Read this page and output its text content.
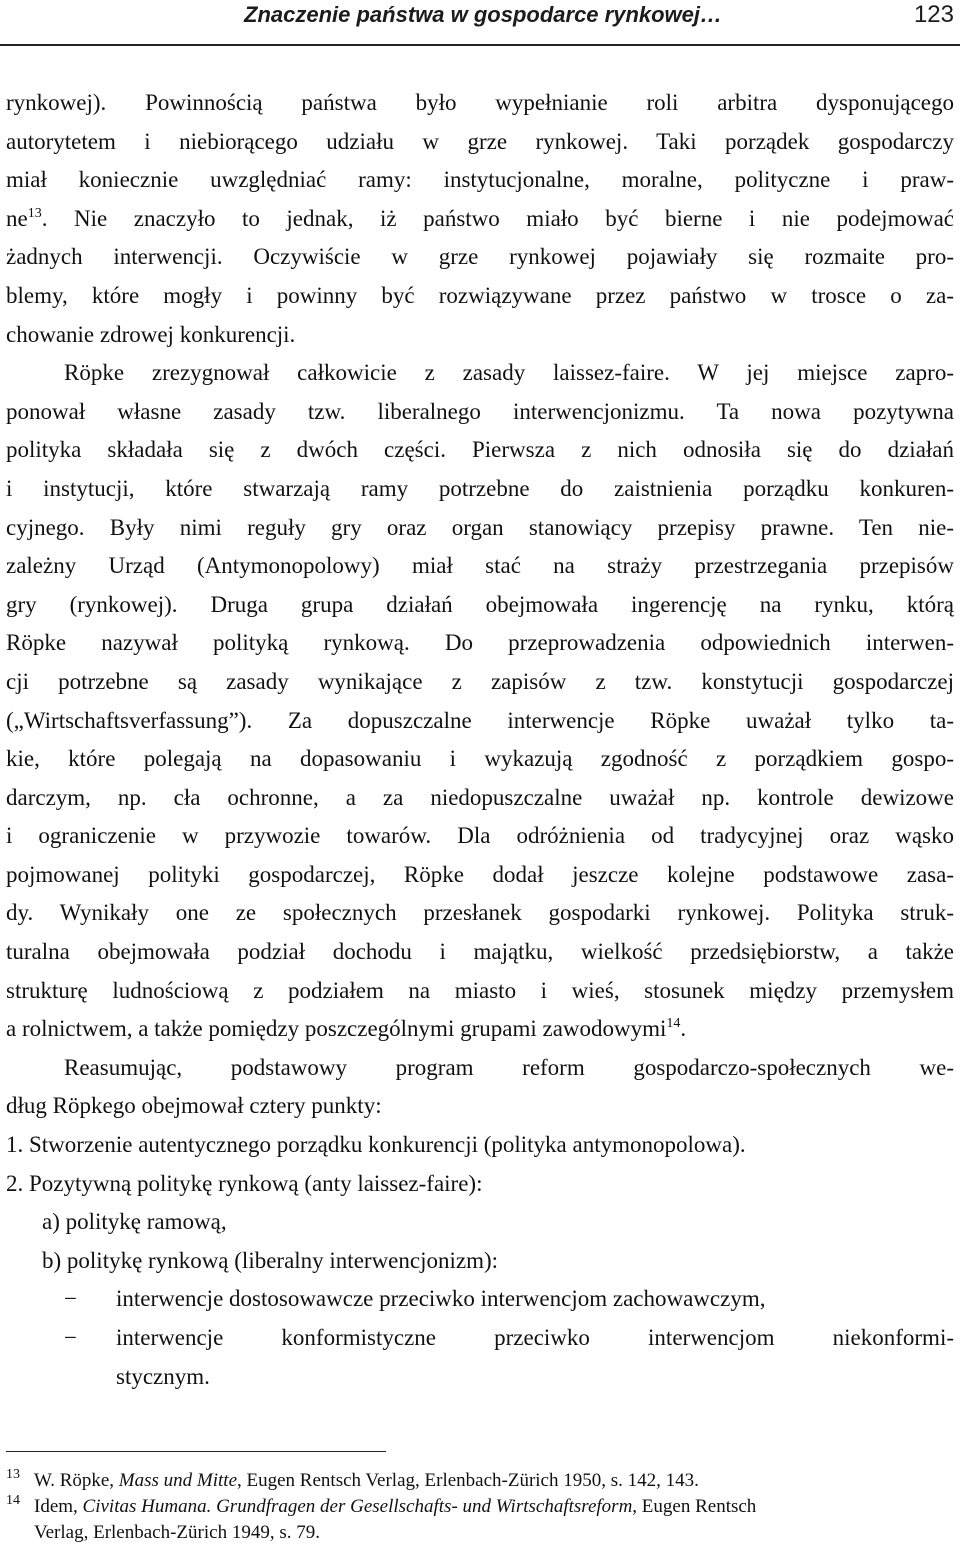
Znaczenie państwa w gospodarce rynkowej…	123

rynkowej). Powinnością państwa było wypełnianie roli arbitra dysponującego

autorytetem i niebiorącego udziału w grze rynkowej. Taki porządek gospodarczy

miał koniecznie uwzględniać ramy: instytucjonalne, moralne, polityczne i praw-

$ne^{13}$. Nie znaczyło to jednak, iż państwo miało być bierne i nie podejmować

żadnych interwencji. Oczywiście w grze rynkowej pojawiały się rozmaite pro-

blemy, które mogły i powinny być rozwiązywane przez państwo w trosce o za-

chowanie zdrowej konkurencji.

Röpke zrezygnował całkowicie z zasady laissez-faire. W jej miejsce zapro-

ponował własne zasady tzw. liberalnego interwencjonizmu. Ta nowa pozytywna

polityka składała się z dwóch części. Pierwsza z nich odnosiła się do działań

i instytucji, które stwarzają ramy potrzebne do zaistnienia porządku konkuren-

cyjnego. Były nimi reguły gry oraz organ stanowiący przepisy prawne. Ten nie-

zależny Urząd (Antymonopolowy) miał stać na straży przestrzegania przepisów

gry (rynkowej). Druga grupa działań obejmowała ingerencję na rynku, którą

Röpke nazywał polityką rynkową. Do przeprowadzenia odpowiednich interwen-

cji potrzebne są zasady wynikające z zapisów z tzw. konstytucji gospodarczej

(„Wirtschaftsverfassung”). Za dopuszczalne interwencje Röpke uważał tylko ta-

kie, które polegają na dopasowaniu i wykazują zgodność z porządkiem gospo-

darczym, np. cła ochronne, a za niedopuszczalne uważał np. kontrole dewizowe

i ograniczenie w przywozie towarów. Dla odróżnienia od tradycyjnej oraz wąsko

pojmowanej polityki gospodarczej, Röpke dodał jeszcze kolejne podstawowe zasa-

dy. Wynikały one ze społecznych przesłanek gospodarki rynkowej. Polityka struk-

turalna obejmowała podział dochodu i majątku, wielkość przedsiębiorstw, a także

strukturę ludnościową z podziałem na miasto i wieś, stosunek między przemysłem

a rolnictwem, a także pomiędzy poszczególnymi grupami zawodowymi$^{14}$.

Reasumując, podstawowy program reform gospodarczo-społecznych we-

dług Röpkego obejmował cztery punkty:

1. Stworzenie autentycznego porządku konkurencji (polityka antymonopolowa).
2. Pozytywną politykę rynkową (anty laissez-faire):
a) politykę ramową,
b) politykę rynkową (liberalny interwencjonizm):
−	interwencje dostosowawcze przeciwko interwencjom zachowawczym,
−	interwencje konformistyczne przeciwko interwencjom niekonformi-
stycznym.
13 W. Röpke, Mass und Mitte, Eugen Rentsch Verlag, Erlenbach-Zürich 1950, s. 142, 143.
14 Idem, Civitas Humana. Grundfragen der Gesellschafts- und Wirtschaftsreform, Eugen Rentsch
Verlag, Erlenbach-Zürich 1949, s. 79.
